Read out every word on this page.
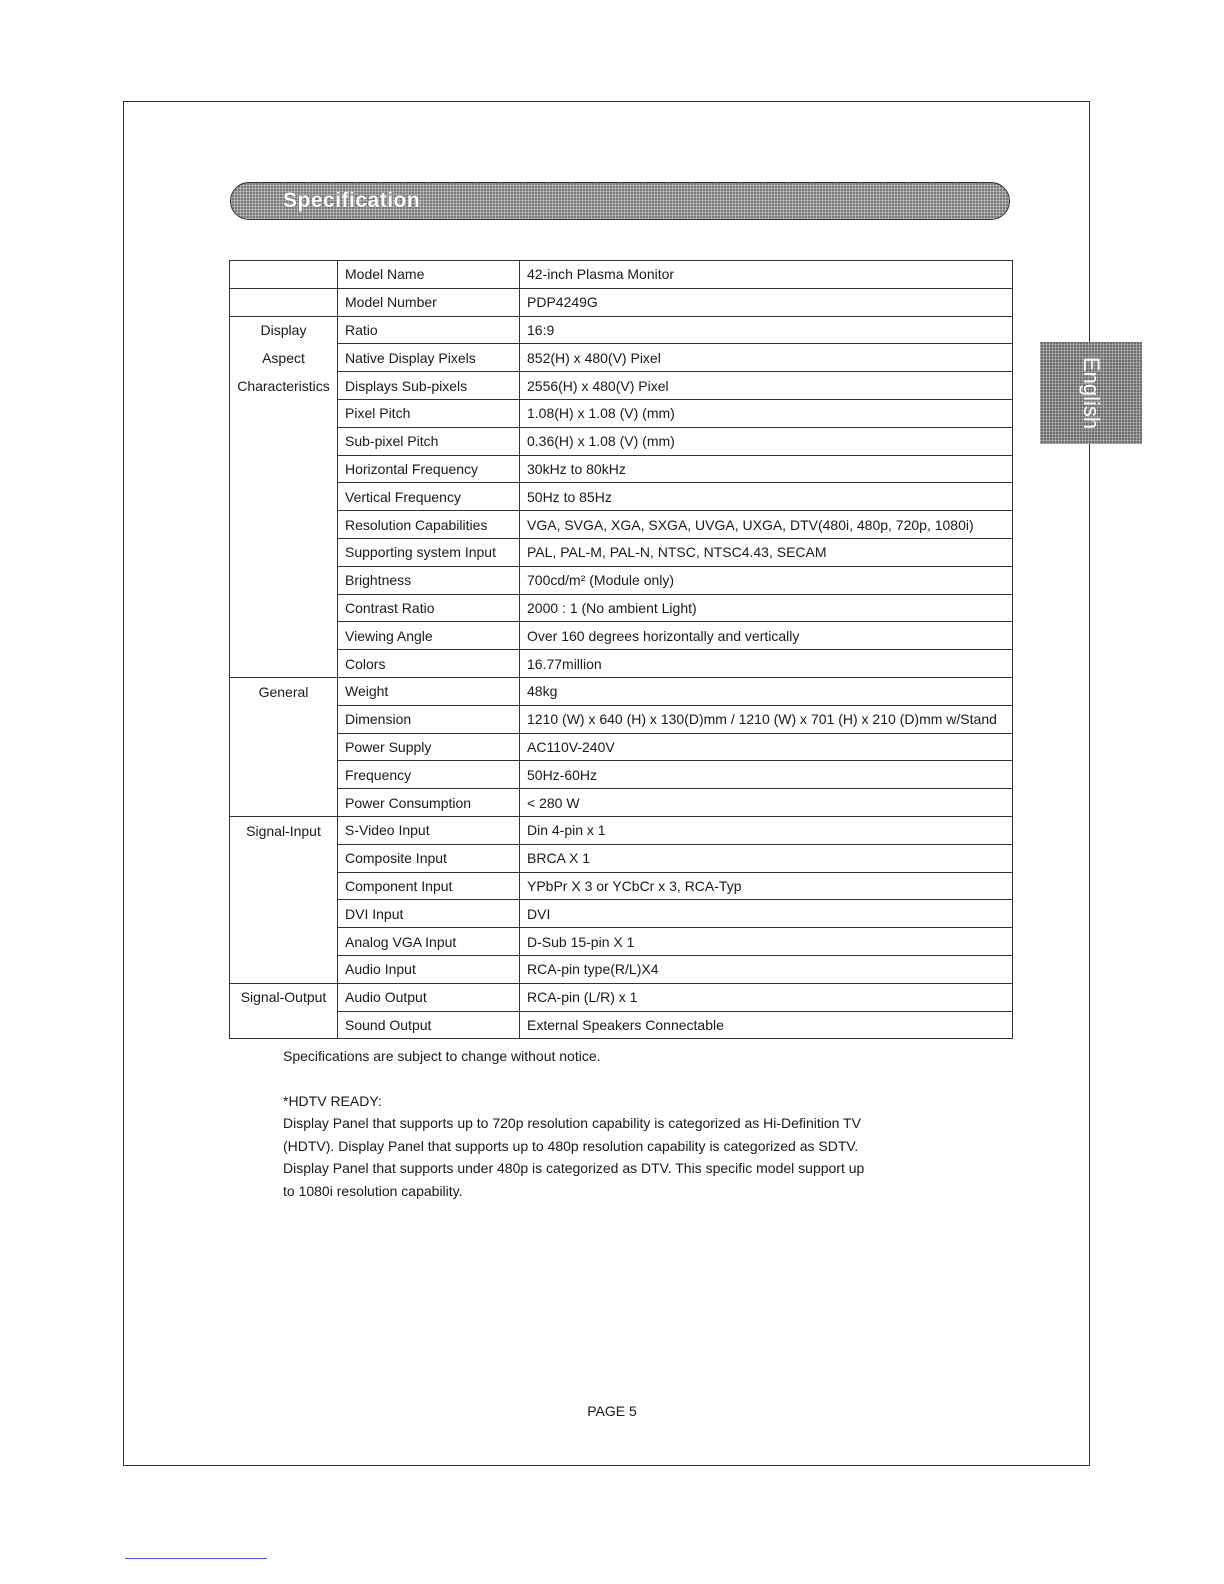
Specification
English
	Model Name	42-inch Plasma Monitor
	Model Number	PDP4249G
Display	Ratio	16:9
Aspect	Native Display Pixels	852(H) x 480(V) Pixel
Characteristics	Displays Sub-pixels	2556(H) x 480(V) Pixel
	Pixel Pitch	1.08(H) x 1.08 (V) (mm)
	Sub-pixel Pitch	0.36(H) x 1.08 (V) (mm)
	Horizontal Frequency	30kHz to 80kHz
	Vertical Frequency	50Hz to 85Hz
	Resolution Capabilities	VGA, SVGA, XGA, SXGA, UVGA, UXGA, DTV(480i, 480p, 720p, 1080i)
	Supporting system Input	PAL, PAL-M, PAL-N, NTSC, NTSC4.43, SECAM
	Brightness	700cd/m² (Module only)
	Contrast Ratio	2000 : 1 (No ambient Light)
	Viewing Angle	Over 160 degrees horizontally and vertically
	Colors	16.77million
General	Weight	48kg
	Dimension	1210 (W) x 640 (H) x 130(D)mm / 1210 (W) x 701 (H) x 210 (D)mm w/Stand
	Power Supply	AC110V-240V
	Frequency	50Hz-60Hz
	Power Consumption	< 280 W
Signal-Input	S-Video Input	Din 4-pin x 1
	Composite Input	BRCA X 1
	Component Input	YPbPr X 3 or YCbCr x 3, RCA-Typ
	DVI Input	DVI
	Analog VGA Input	D-Sub 15-pin X 1
	Audio Input	RCA-pin type(R/L)X4
Signal-Output	Audio Output	RCA-pin (L/R) x 1
	Sound Output	External Speakers Connectable

Specifications are subject to change without notice.

*HDTV READY:

Display Panel that supports up to 720p resolution capability is categorized as Hi-Definition TV

(HDTV). Display Panel that supports up to 480p resolution capability is categorized as SDTV.

Display Panel that supports under 480p is categorized as DTV. This specific model support up

to 1080i resolution capability.

PAGE 5
